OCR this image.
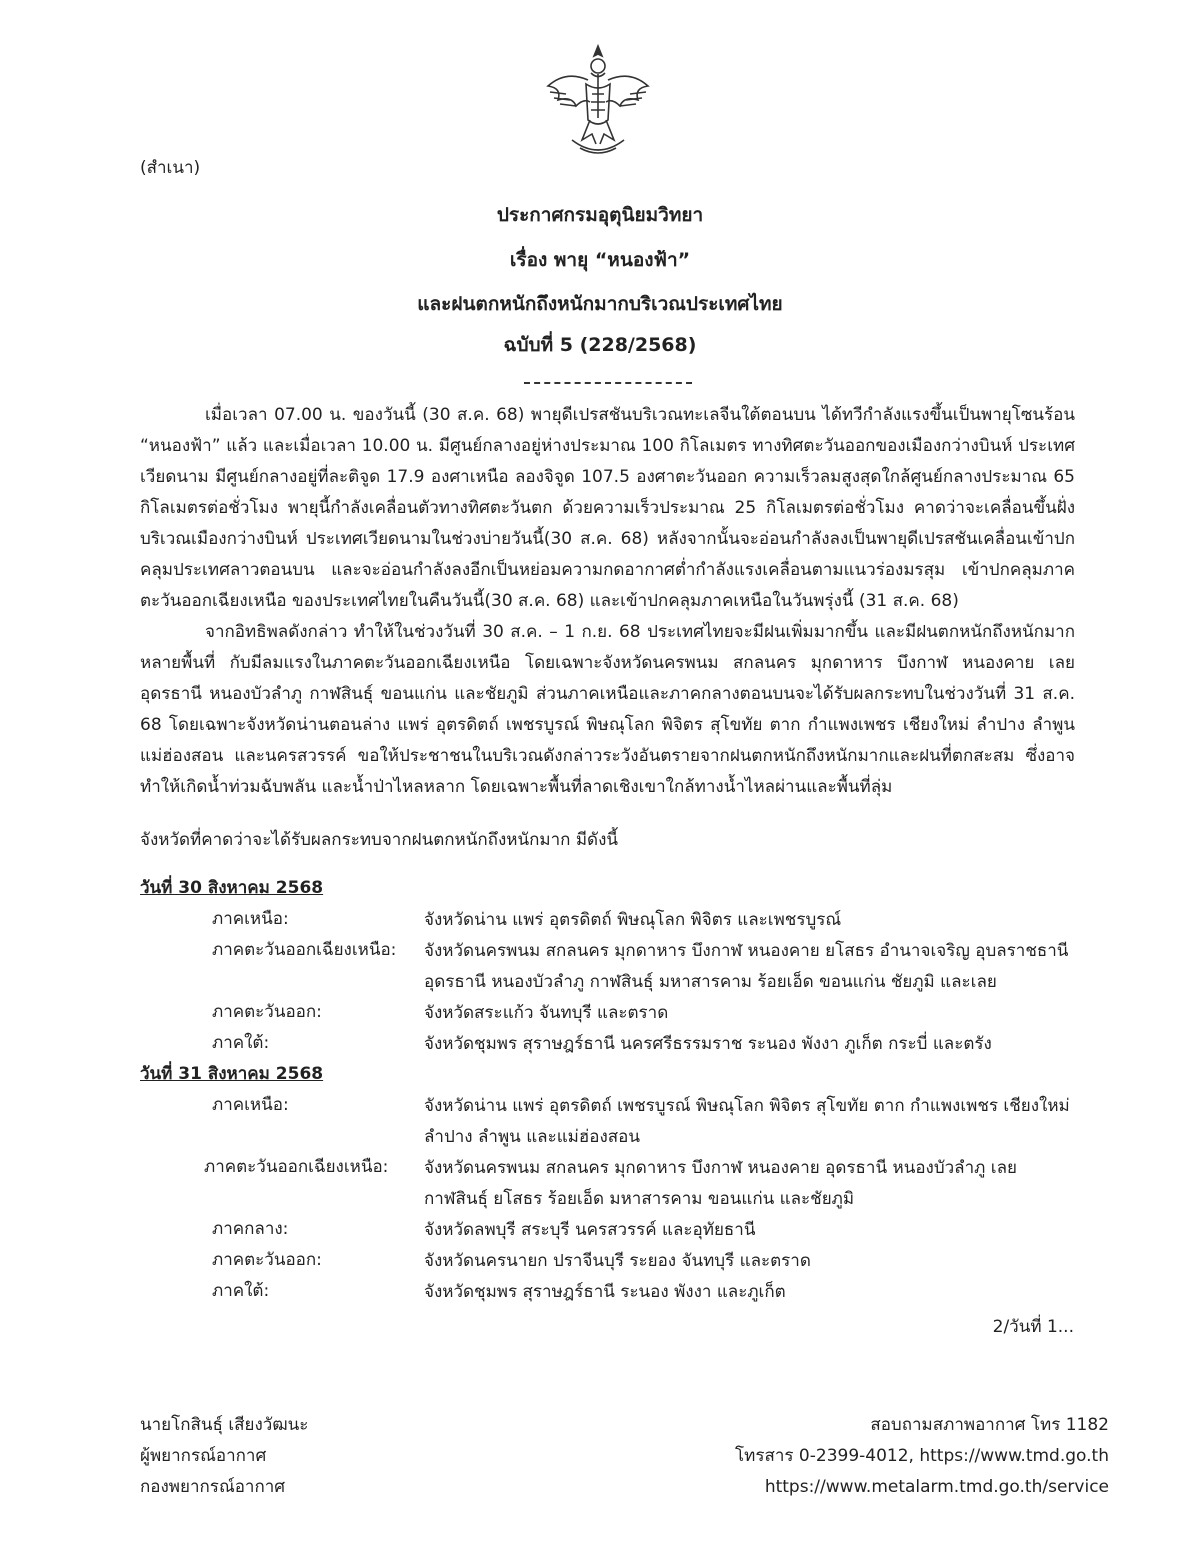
(สำเนา)
ประกาศกรมอุตุนิยมวิทยา
เรื่อง พายุ “หนองฟ้า”
และฝนตกหนักถึงหนักมากบริเวณประเทศไทย
ฉบับที่ 5 (228/2568)

เมื่อเวลา 07.00 น. ของวันนี้ (30 ส.ค. 68) พายุดีเปรสชันบริเวณทะเลจีนใต้ตอนบน ได้ทวีกำลังแรงขึ้นเป็นพายุโซนร้อน “หนองฟ้า” แล้ว และเมื่อเวลา 10.00 น. มีศูนย์กลางอยู่ห่างประมาณ 100 กิโลเมตร ทางทิศตะวันออกของเมืองกว่างบินห์ ประเทศเวียดนาม มีศูนย์กลางอยู่ที่ละติจูด 17.9 องศาเหนือ ลองจิจูด 107.5 องศาตะวันออก ความเร็วลมสูงสุดใกล้ศูนย์กลางประมาณ 65 กิโลเมตรต่อชั่วโมง พายุนี้กำลังเคลื่อนตัวทางทิศตะวันตก ด้วยความเร็วประมาณ 25 กิโลเมตรต่อชั่วโมง คาดว่าจะเคลื่อนขึ้นฝั่งบริเวณเมืองกว่างบินห์ ประเทศเวียดนามในช่วงบ่ายวันนี้(30 ส.ค. 68) หลังจากนั้นจะอ่อนกำลังลงเป็นพายุดีเปรสชันเคลื่อนเข้าปกคลุมประเทศลาวตอนบน และจะอ่อนกำลังลงอีกเป็นหย่อมความกดอากาศต่ำกำลังแรงเคลื่อนตามแนวร่องมรสุม เข้าปกคลุมภาคตะวันออกเฉียงเหนือ ของประเทศไทยในคืนวันนี้(30 ส.ค. 68) และเข้าปกคลุมภาคเหนือในวันพรุ่งนี้ (31 ส.ค. 68)

จากอิทธิพลดังกล่าว ทำให้ในช่วงวันที่ 30 ส.ค. – 1 ก.ย. 68 ประเทศไทยจะมีฝนเพิ่มมากขึ้น และมีฝนตกหนักถึงหนักมาก หลายพื้นที่ กับมีลมแรงในภาคตะวันออกเฉียงเหนือ โดยเฉพาะจังหวัดนครพนม สกลนคร มุกดาหาร บึงกาฬ หนองคาย เลย อุดรธานี หนองบัวลำภู กาฬสินธุ์ ขอนแก่น และชัยภูมิ ส่วนภาคเหนือและภาคกลางตอนบนจะได้รับผลกระทบในช่วงวันที่ 31 ส.ค. 68 โดยเฉพาะจังหวัดน่านตอนล่าง แพร่ อุตรดิตถ์ เพชรบูรณ์ พิษณุโลก พิจิตร สุโขทัย ตาก กำแพงเพชร เชียงใหม่ ลำปาง ลำพูน แม่ฮ่องสอน และนครสวรรค์ ขอให้ประชาชนในบริเวณดังกล่าวระวังอันตรายจากฝนตกหนักถึงหนักมากและฝนที่ตกสะสม ซึ่งอาจทำให้เกิดน้ำท่วมฉับพลัน และน้ำป่าไหลหลาก โดยเฉพาะพื้นที่ลาดเชิงเขาใกล้ทางน้ำไหลผ่านและพื้นที่ลุ่ม

จังหวัดที่คาดว่าจะได้รับผลกระทบจากฝนตกหนักถึงหนักมาก มีดังนี้
วันที่ 30 สิงหาคม 2568
ภาคเหนือ:	จังหวัดน่าน แพร่ อุตรดิตถ์ พิษณุโลก พิจิตร และเพชรบูรณ์
ภาคตะวันออกเฉียงเหนือ: จังหวัดนครพนม สกลนคร มุกดาหาร บึงกาฬ หนองคาย ยโสธร อำนาจเจริญ อุบลราชธานี อุดรธานี หนองบัวลำภู กาฬสินธุ์ มหาสารคาม ร้อยเอ็ด ขอนแก่น ชัยภูมิ และเลย
ภาคตะวันออก:	จังหวัดสระแก้ว จันทบุรี และตราด
ภาคใต้:	จังหวัดชุมพร สุราษฎร์ธานี นครศรีธรรมราช ระนอง พังงา ภูเก็ต กระบี่ และตรัง
วันที่ 31 สิงหาคม 2568
ภาคเหนือ:	จังหวัดน่าน แพร่ อุตรดิตถ์ เพชรบูรณ์ พิษณุโลก พิจิตร สุโขทัย ตาก กำแพงเพชร เชียงใหม่ ลำปาง ลำพูน และแม่ฮ่องสอน
ภาคตะวันออกเฉียงเหนือ: จังหวัดนครพนม สกลนคร มุกดาหาร บึงกาฬ หนองคาย อุดรธานี หนองบัวลำภู เลย กาฬสินธุ์ ยโสธร ร้อยเอ็ด มหาสารคาม ขอนแก่น และชัยภูมิ
ภาคกลาง:	จังหวัดลพบุรี สระบุรี นครสวรรค์ และอุทัยธานี
ภาคตะวันออก:	จังหวัดนครนายก ปราจีนบุรี ระยอง จันทบุรี และตราด
ภาคใต้:	จังหวัดชุมพร สุราษฎร์ธานี ระนอง พังงา และภูเก็ต
2/วันที่ 1...
นายโกสินธุ์ เสียงวัฒนะ
ผู้พยากรณ์อากาศ
กองพยากรณ์อากาศ
สอบถามสภาพอากาศ โทร 1182
โทรสาร 0-2399-4012, https://www.tmd.go.th
https://www.metalarm.tmd.go.th/service
